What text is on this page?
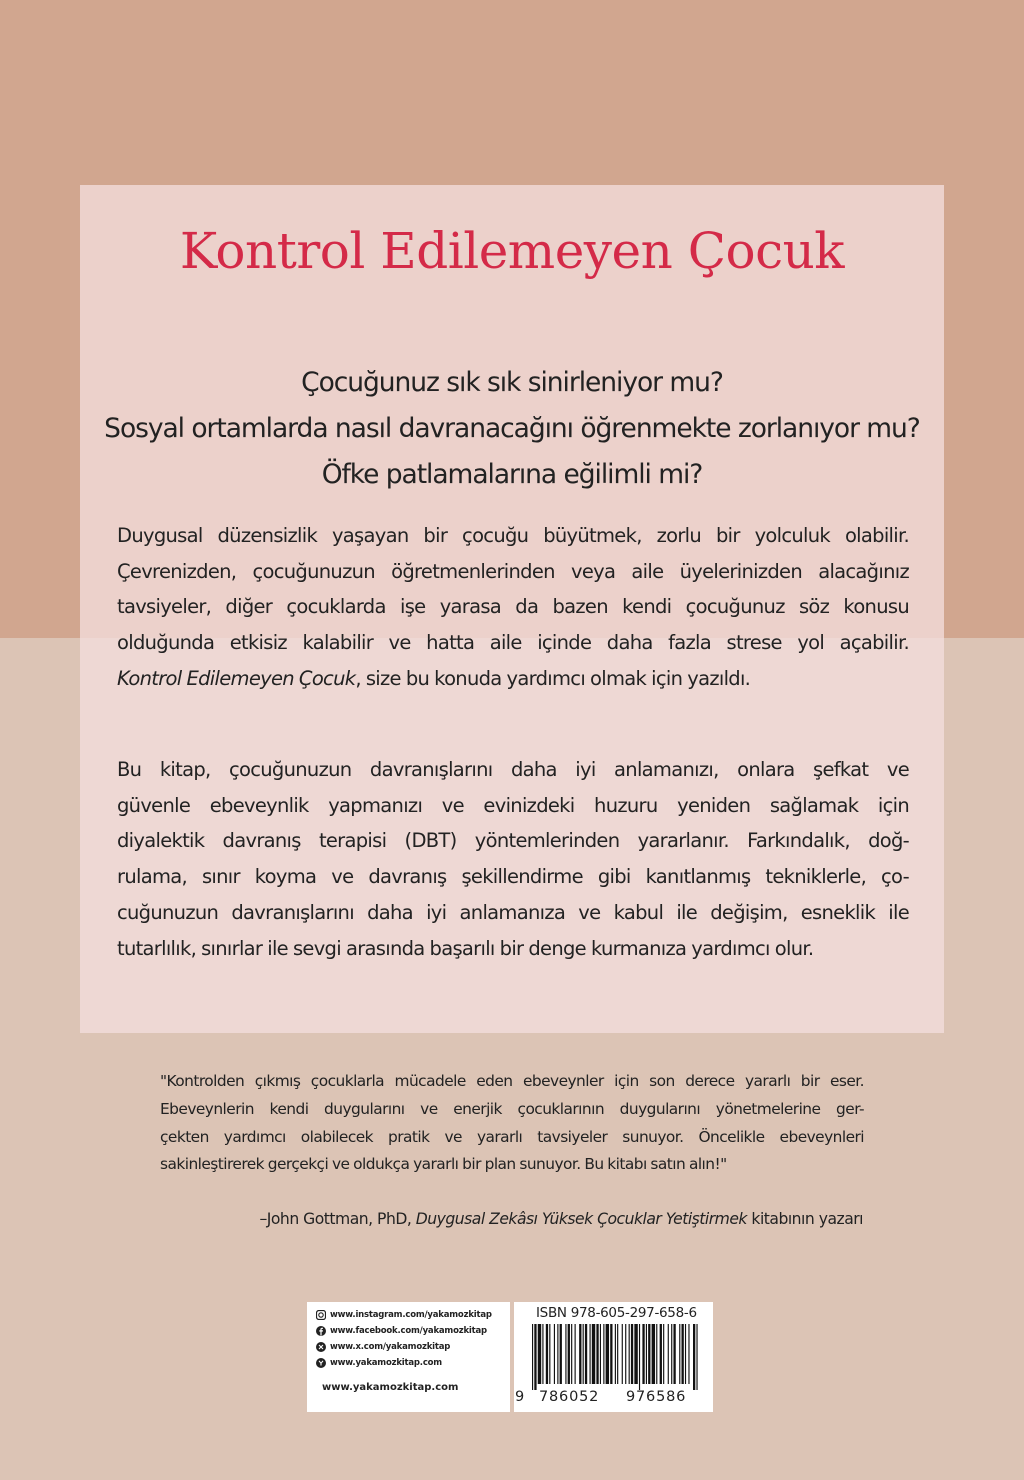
Kontrol Edilemeyen Çocuk
Çocuğunuz sık sık sinirleniyor mu?
Sosyal ortamlarda nasıl davranacağını öğrenmekte zorlanıyor mu?
Öfke patlamalarına eğilimli mi?
Duygusal düzensizlik yaşayan bir çocuğu büyütmek, zorlu bir yolculuk olabilir.
Çevrenizden, çocuğunuzun öğretmenlerinden veya aile üyelerinizden alacağınız
tavsiyeler, diğer çocuklarda işe yarasa da bazen kendi çocuğunuz söz konusu
olduğunda etkisiz kalabilir ve hatta aile içinde daha fazla strese yol açabilir.
Kontrol Edilemeyen Çocuk, size bu konuda yardımcı olmak için yazıldı.
Bu kitap, çocuğunuzun davranışlarını daha iyi anlamanızı, onlara şefkat ve
güvenle ebeveynlik yapmanızı ve evinizdeki huzuru yeniden sağlamak için
diyalektik davranış terapisi (DBT) yöntemlerinden yararlanır. Farkındalık, doğ-
rulama, sınır koyma ve davranış şekillendirme gibi kanıtlanmış tekniklerle, ço-
cuğunuzun davranışlarını daha iyi anlamanıza ve kabul ile değişim, esneklik ile
tutarlılık, sınırlar ile sevgi arasında başarılı bir denge kurmanıza yardımcı olur.
"Kontrolden çıkmış çocuklarla mücadele eden ebeveynler için son derece yararlı bir eser.
Ebeveynlerin kendi duygularını ve enerjik çocuklarının duygularını yönetmelerine ger-
çekten yardımcı olabilecek pratik ve yararlı tavsiyeler sunuyor. Öncelikle ebeveynleri
sakinleştirerek gerçekçi ve oldukça yararlı bir plan sunuyor. Bu kitabı satın alın!"
–John Gottman, PhD, Duygusal Zekâsı Yüksek Çocuklar Yetiştirmek kitabının yazarı
www.instagram.com/yakamozkitap
www.facebook.com/yakamozkitap
www.x.com/yakamozkitap
www.yakamozkitap.com
www.yakamozkitap.com
ISBN 978-605-297-658-6
9 786052 976586
